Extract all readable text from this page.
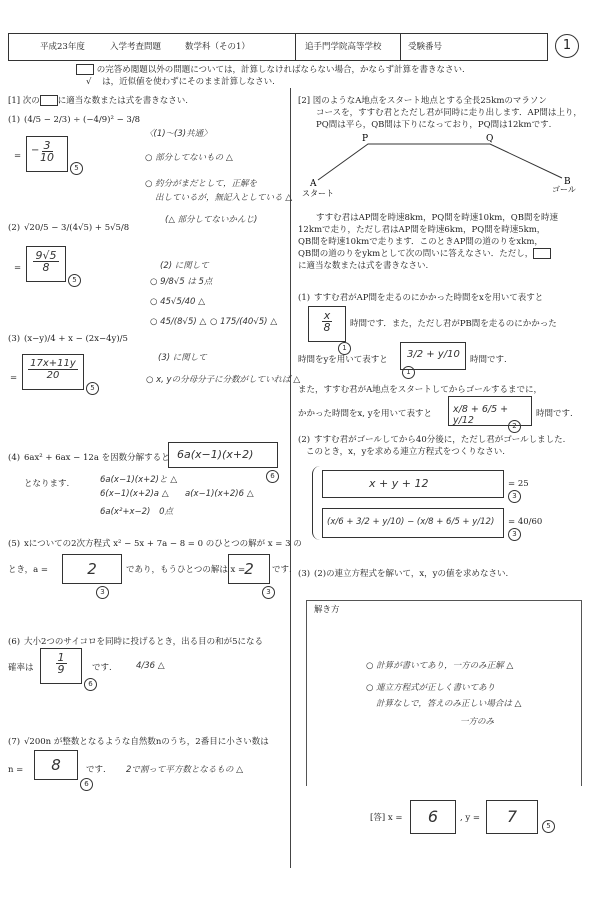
平成23年度	入学考査問題	数学科（その1）	追手門学院高等学校	受験番号	1
の完答め閲題以外の問題については，計算しなければならない場合，かならず計算を書きなさい.
√ は，近似値を使わずにそのまま計算しなさい.
[1] 次の に適当な数または式を書きなさい.
(1) (4/5 − 2/3) ÷ (−4/9)² − 3/8
= −
$\frac{3}{10}$
5
〈(1)〜(3)共通〉
○ 部分してないもの △
○ 約分がまだとして，正解を
出しているが，無記入としている △
(△ 部分してないかんじ)
(2) √20/5 − 3/(4√5) + 5√5/8
= $\frac{9√5}{8}$
5
(2) に関して
○ 9/8√5 は 5点
○ 45√5/40 △
○ 45/(8√5) △ ○ 175/(40√5) △
(3) (x−y)/4 + x − (2x−4y)/5
= $\frac{17x+11y}{20}$
5
(3) に関して
○ x, yの分母分子に分数がしていれば △
(4) 6ax² + 6ax − 12a を因数分解すると
となります.
6a(x−1)(x+2)
6
6a(x−1)(x+2)と △
6(x−1)(x+2)a △ a(x−1)(x+2)6 △
6a(x²+x−2) 0点
(5) xについての2次方程式 x² − 5x + 7a − 8 = 0 のひとつの解が x = 3 の
とき，a =	2
3
であり，もうひとつの解は x = 2
3
です.
(6) 大小2つのサイコロを同時に投げるとき，出る目の和が5になる
確率は $\frac{1}{9}$
6
です.	4/36 △
(7) √200n が整数となるような自然数nのうち，2番目に小さい数は
n =	8
6
です. 2で割って平方数となるもの △
[2] 図のようなA地点をスタート地点とする全長25kmのマラソン
コースを，すすむ君とただし君が同時に走り出します．AP間は上り，
PQ間は平ら，QB間は下りになっており，PQ間は12kmです.
P	Q
A	B
スタート	ゴール
すすむ君はAP間を時速8km，PQ間を時速10km，QB間を時速
12kmで走り，ただし君はAP間を時速6km，PQ間を時速5km，
QB間を時速10kmで走ります．このときAP間の道のりをxkm，
QB間の道のりをykmとして次の問いに答えなさい．ただし，
に適当な数または式を書きなさい.
(1) すすむ君がAP間を走るのにかかった時間をxを用いて表すと
$\frac{x}{8}$
1
時間です．また，ただし君がPB間を走るのにかかった
時間をyを用いて表すと 3/2 + y/10
1
時間です.
また，すすむ君がA地点をスタートしてからゴールするまでに，
かかった時間をx, yを用いて表すと x/8 + 6/5 + y/12	2
時間です.
(2) すすむ君がゴールしてから40分後に，ただし君がゴールしました.
このとき，x，yを求める連立方程式をつくりなさい.
x + y + 12	= 25
3
(x/6 + 3/2 + y/10) − (x/8 + 6/5 + y/12) = 40/60
3
(3) (2)の連立方程式を解いて，x，yの値を求めなさい.
解き方
○ 計算が書いてあり，一方のみ正解 △
○ 連立方程式が正しく書いてあり
計算なしで，答えのみ正しい場合は △
一方のみ
[答] x =	6	, y =	7	5
